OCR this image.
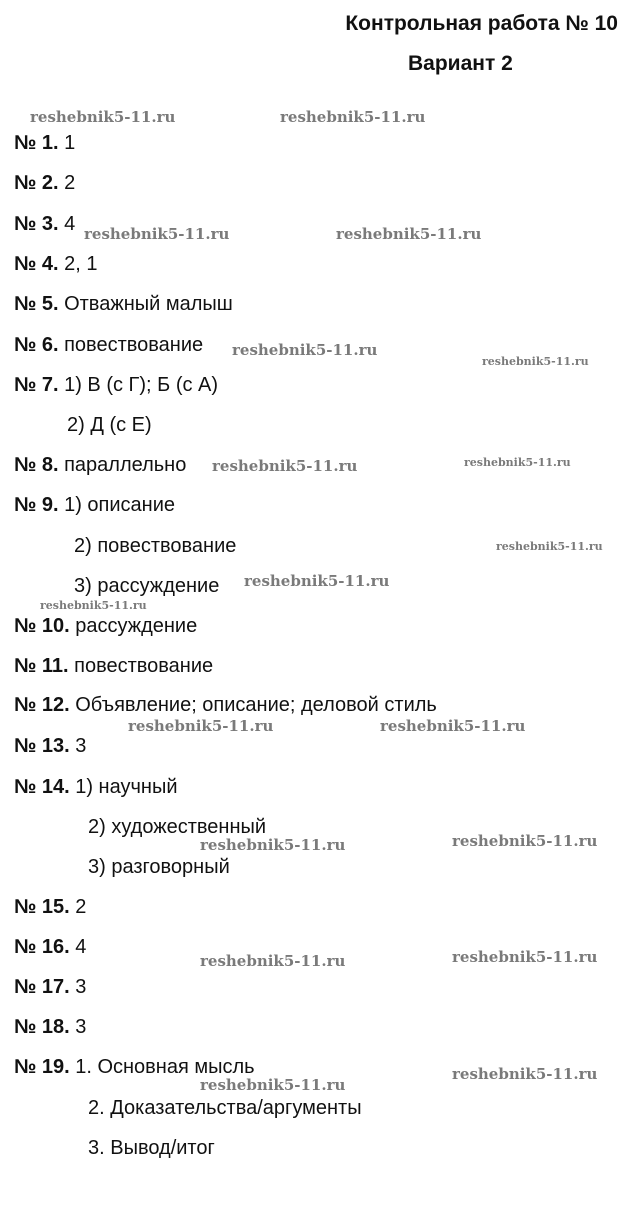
Контрольная работа № 10
Вариант 2
№ 1. 1
№ 2. 2
№ 3. 4
№ 4. 2, 1
№ 5. Отважный малыш
№ 6. повествование
№ 7. 1) В (с Г); Б (с А)
2) Д (с Е)
№ 8. параллельно
№ 9. 1) описание
2) повествование
3) рассуждение
№ 10. рассуждение
№ 11. повествование
№ 12. Объявление; описание; деловой стиль
№ 13. 3
№ 14. 1) научный
2) художественный
3) разговорный
№ 15. 2
№ 16. 4
№ 17. 3
№ 18. 3
№ 19. 1. Основная мысль
2. Доказательства/аргументы
3. Вывод/итог
reshebnik5-11.ru	reshebnik5-11.ru
reshebnik5-11.ru	reshebnik5-11.ru
reshebnik5-11.ru
reshebnik5-11.ru
reshebnik5-11.ru	reshebnik5-11.ru
reshebnik5-11.ru
reshebnik5-11.ru
reshebnik5-11.ru
reshebnik5-11.ru	reshebnik5-11.ru
reshebnik5-11.ru	reshebnik5-11.ru
reshebnik5-11.ru	reshebnik5-11.ru
reshebnik5-11.ru
reshebnik5-11.ru
